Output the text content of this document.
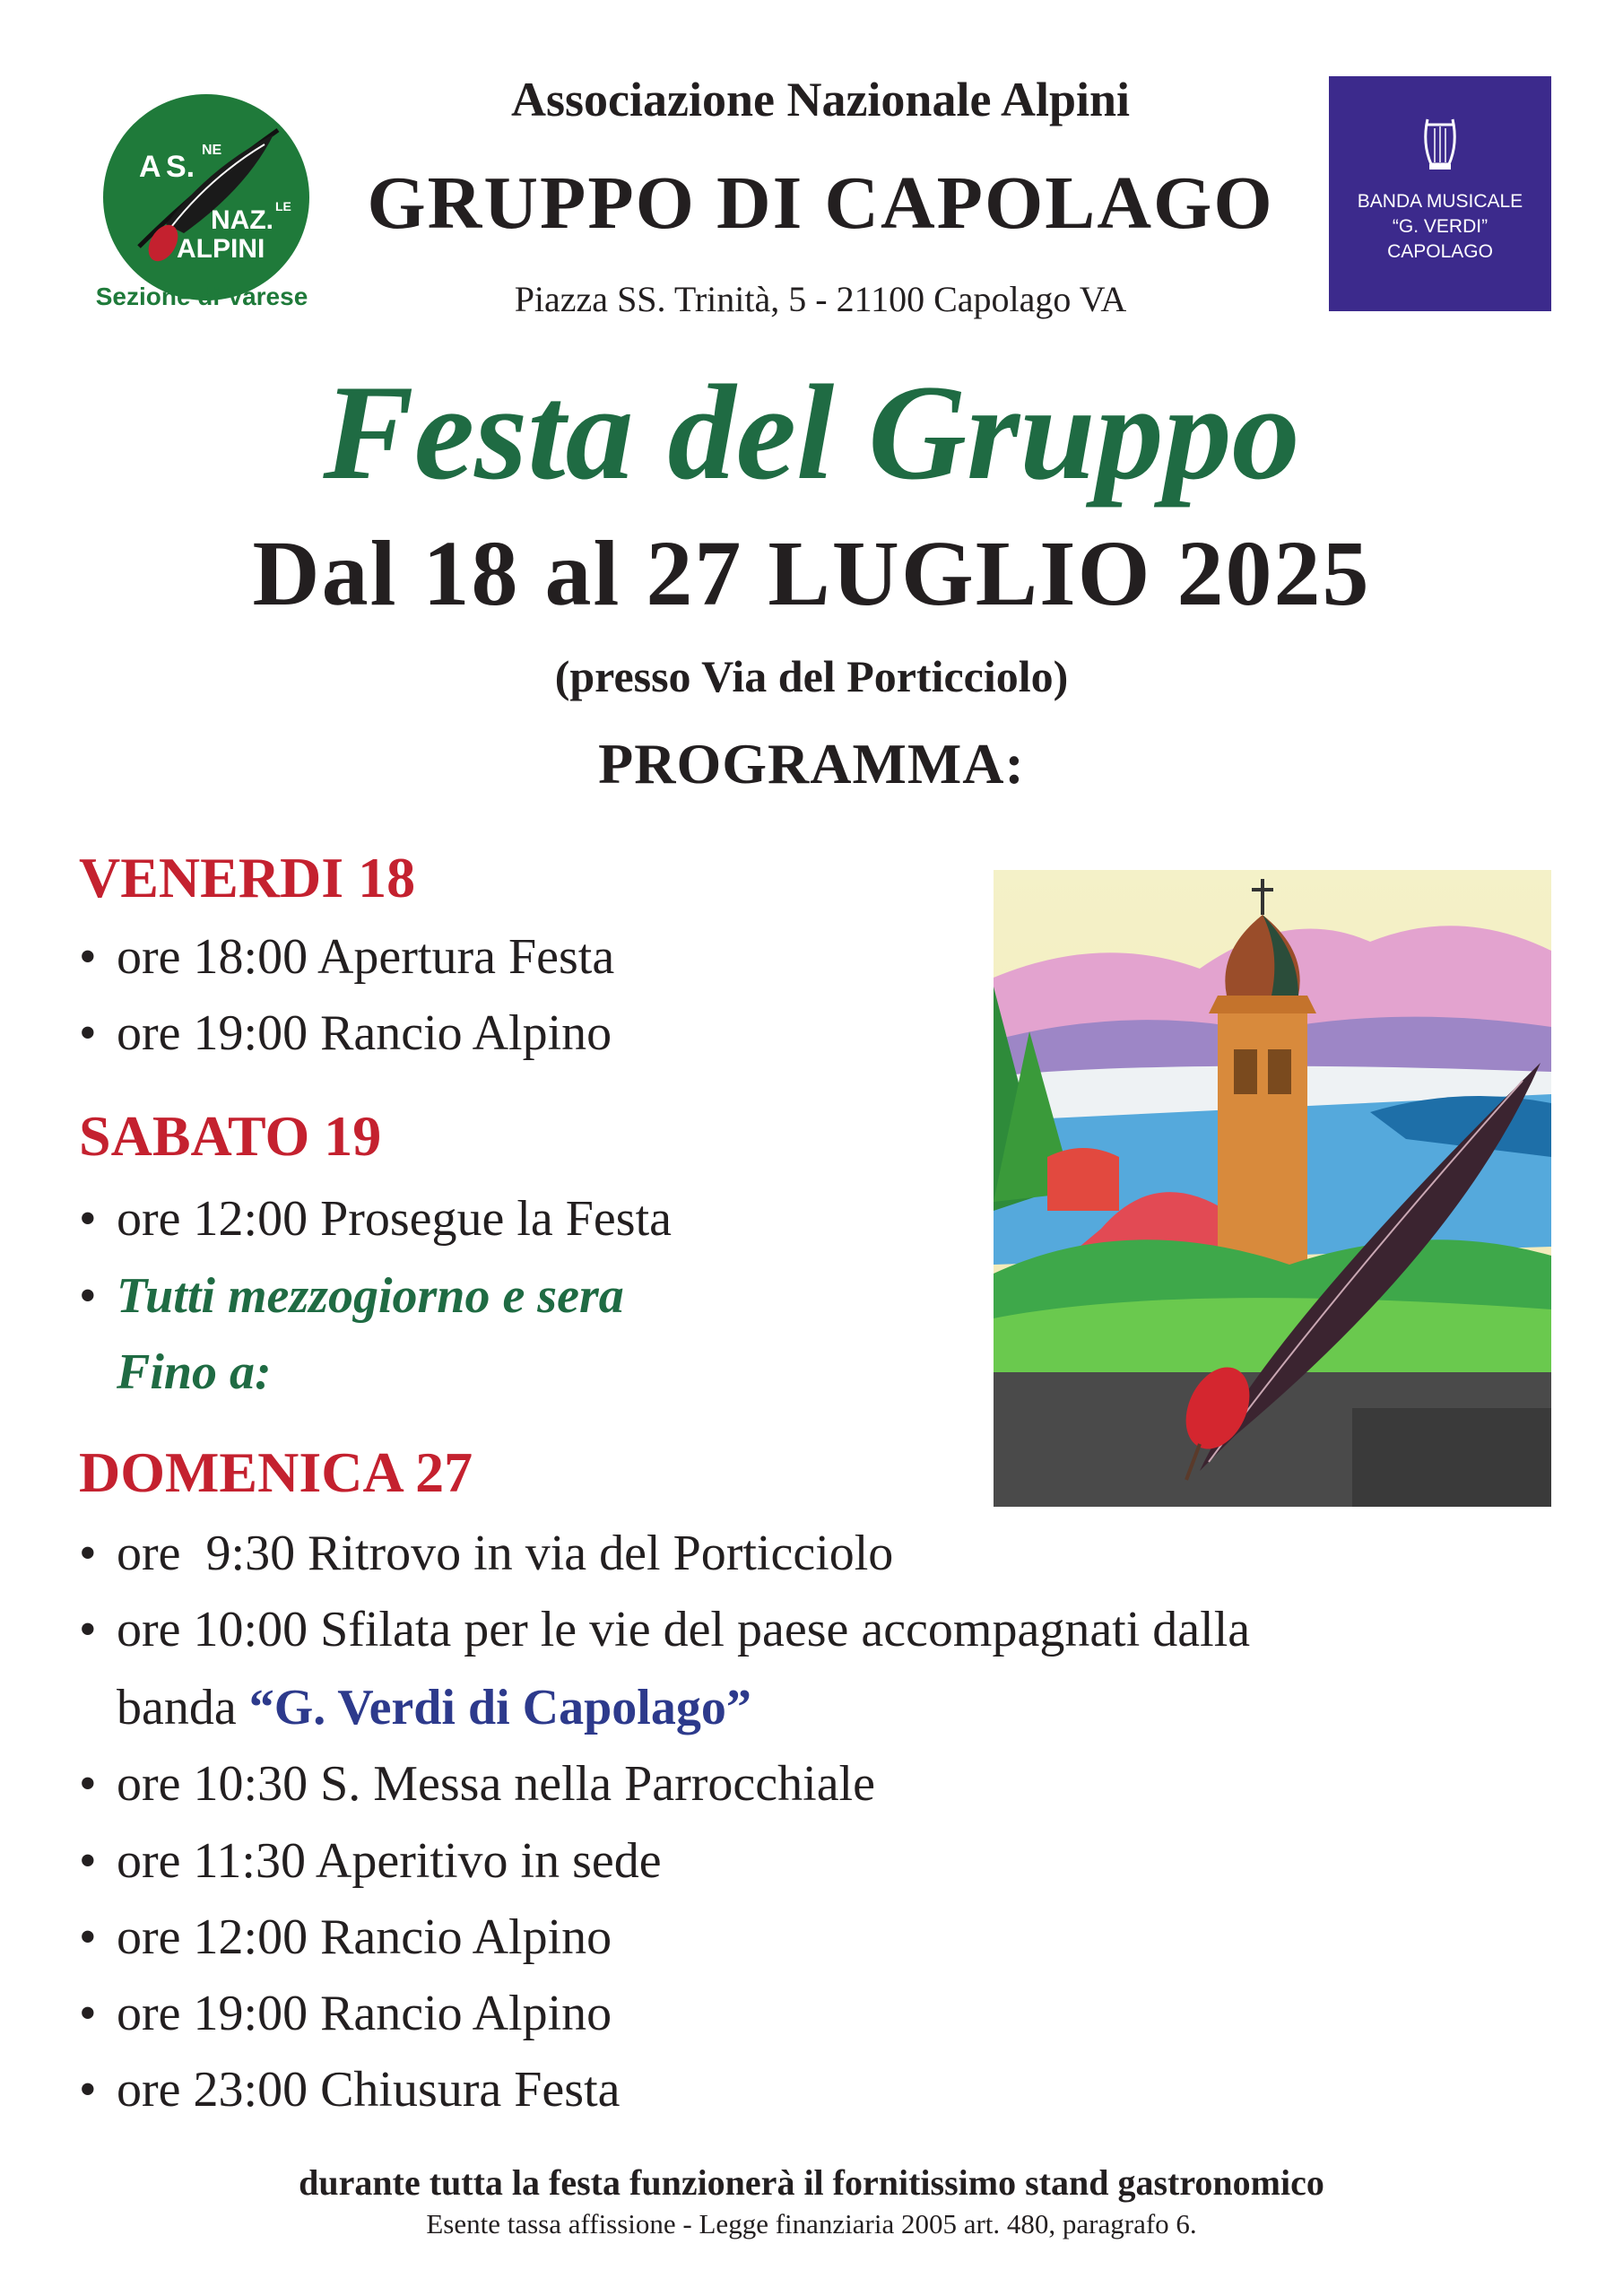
A S. NE
NAZ. LE
ALPINI
Sezione di Varese
Associazione Nazionale Alpini
GRUPPO DI CAPOLAGO
Piazza SS. Trinità, 5 - 21100 Capolago VA
BANDA MUSICALE
“G. VERDI”
CAPOLAGO
Festa del Gruppo
Dal 18 al 27 LUGLIO 2025
(presso Via del Porticciolo)
PROGRAMMA:
VENERDI 18
• ore 18:00 Apertura Festa
• ore 19:00 Rancio Alpino
SABATO 19
• ore 12:00 Prosegue la Festa
• Tutti mezzogiorno e sera
Fino a:
DOMENICA 27
• ore  9:30 Ritrovo in via del Porticciolo
• ore 10:00 Sfilata per le vie del paese accompagnati dalla
banda “G. Verdi di Capolago”
• ore 10:30 S. Messa nella Parrocchiale
• ore 11:30 Aperitivo in sede
• ore 12:00 Rancio Alpino
• ore 19:00 Rancio Alpino
• ore 23:00 Chiusura Festa
durante tutta la festa funzionerà il fornitissimo stand gastronomico
Esente tassa affissione - Legge finanziaria 2005 art. 480, paragrafo 6.
